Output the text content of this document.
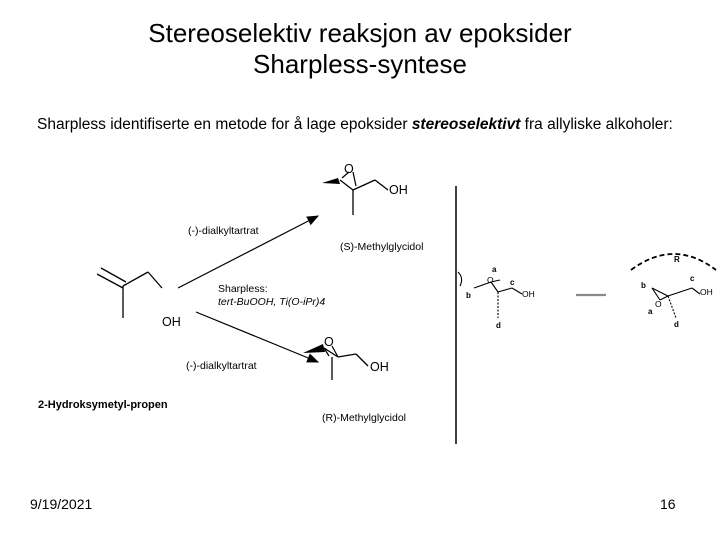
Stereoselektiv reaksjon av epoksider
Sharpless-syntese
Sharpless identifiserte en metode for å lage epoksider stereoselektivt fra allyliske alkoholer:
OH
2-Hydroksymetyl-propen
(-)-dialkyltartrat
Sharpless:
tert-BuOOH, Ti(O-iPr)4
(-)-dialkyltartrat
O
OH
(S)-Methylglycidol
O
OH
(R)-Methylglycidol
a
O
b
c
OH
d
R
b
c
OH
O
a
d
9/19/2021	16
